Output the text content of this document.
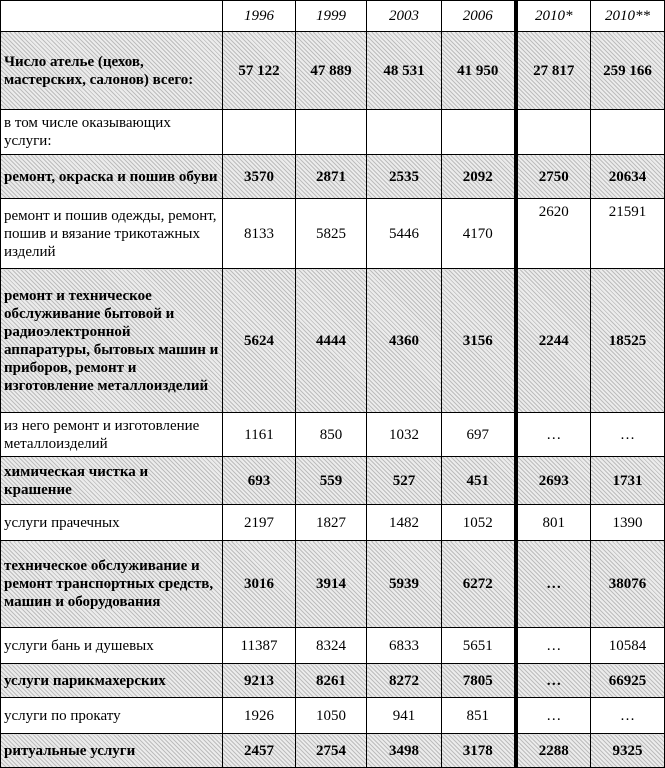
	1996	1999	2003	2006	2010*	2010**
Число ателье (цехов, мастерских, салонов) всего:	57 122	47 889	48 531	41 950	27 817	259 166
в том числе оказывающих услуги:						
ремонт, окраска и пошив обуви	3570	2871	2535	2092	2750	20634
ремонт и пошив одежды, ремонт, пошив и вязание трикотажных изделий	8133	5825	5446	4170	2620	21591
ремонт и техническое обслуживание бытовой и радиоэлектронной аппаратуры, бытовых машин и приборов, ремонт и изготовление металлоизделий	5624	4444	4360	3156	2244	18525
из него ремонт и изготовление металлоизделий	1161	850	1032	697	…	…
химическая чистка и крашение	693	559	527	451	2693	1731
услуги прачечных	2197	1827	1482	1052	801	1390
техническое обслуживание и ремонт транспортных средств, машин и оборудования	3016	3914	5939	6272	…	38076
услуги бань и душевых	11387	8324	6833	5651	…	10584
услуги парикмахерских	9213	8261	8272	7805	…	66925
услуги по прокату	1926	1050	941	851	…	…
ритуальные услуги	2457	2754	3498	3178	2288	9325
